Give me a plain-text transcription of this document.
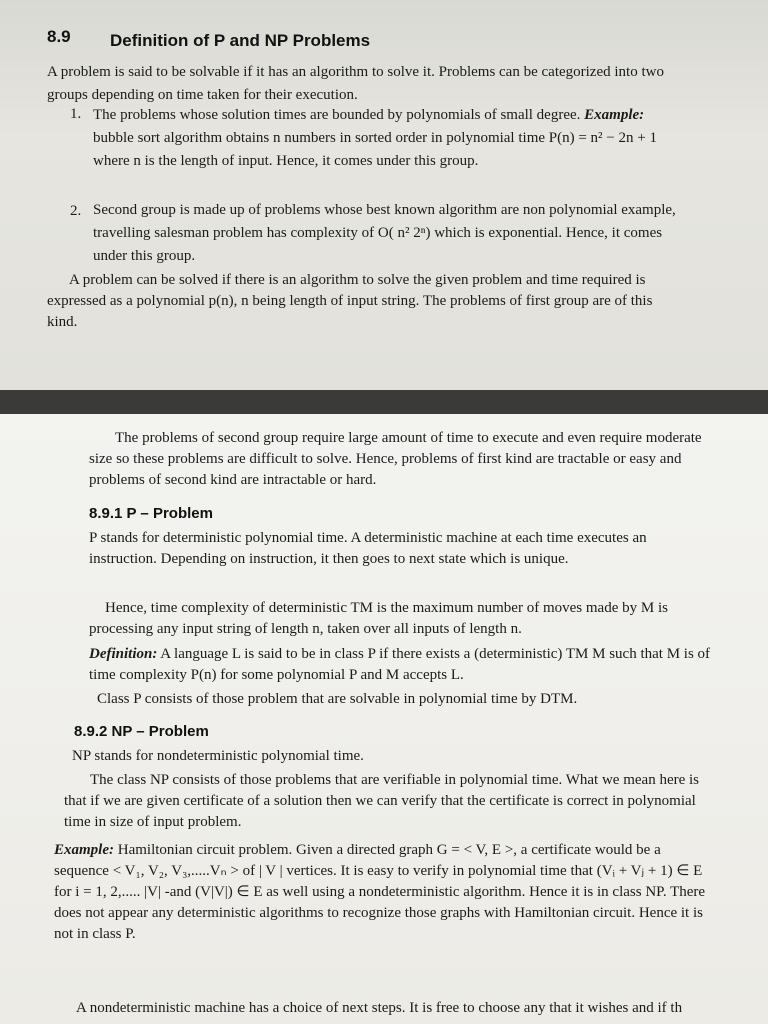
8.9 Definition of P and NP Problems
A problem is said to be solvable if it has an algorithm to solve it. Problems can be categorized into two groups depending on time taken for their execution.
1. The problems whose solution times are bounded by polynomials of small degree. Example: bubble sort algorithm obtains n numbers in sorted order in polynomial time P(n) = n² − 2n + 1 where n is the length of input. Hence, it comes under this group.
2. Second group is made up of problems whose best known algorithm are non polynomial example, travelling salesman problem has complexity of O( n² 2ⁿ) which is exponential. Hence, it comes under this group.
A problem can be solved if there is an algorithm to solve the given problem and time required is expressed as a polynomial p(n), n being length of input string. The problems of first group are of this kind.
The problems of second group require large amount of time to execute and even require moderate size so these problems are difficult to solve. Hence, problems of first kind are tractable or easy and problems of second kind are intractable or hard.
8.9.1 P – Problem
P stands for deterministic polynomial time. A deterministic machine at each time executes an instruction. Depending on instruction, it then goes to next state which is unique.
Hence, time complexity of deterministic TM is the maximum number of moves made by M is processing any input string of length n, taken over all inputs of length n.
Definition: A language L is said to be in class P if there exists a (deterministic) TM M such that M is of time complexity P(n) for some polynomial P and M accepts L.
Class P consists of those problem that are solvable in polynomial time by DTM.
8.9.2 NP – Problem
NP stands for nondeterministic polynomial time.
The class NP consists of those problems that are verifiable in polynomial time. What we mean here is that if we are given certificate of a solution then we can verify that the certificate is correct in polynomial time in size of input problem.
Example: Hamiltonian circuit problem. Given a directed graph G = < V, E >, a certificate would be a sequence < V₁, V₂, V₃,.....Vₙ > of | V | vertices. It is easy to verify in polynomial time that (Vᵢ + Vⱼ + 1) ∈ E for i = 1, 2,..... |V| -and (V|V|) ∈ E as well using a nondeterministic algorithm. Hence it is in class NP. There does not appear any deterministic algorithms to recognize those graphs with Hamiltonian circuit. Hence it is not in class P.
A nondeterministic machine has a choice of next steps. It is free to choose any that it wishes and if th
